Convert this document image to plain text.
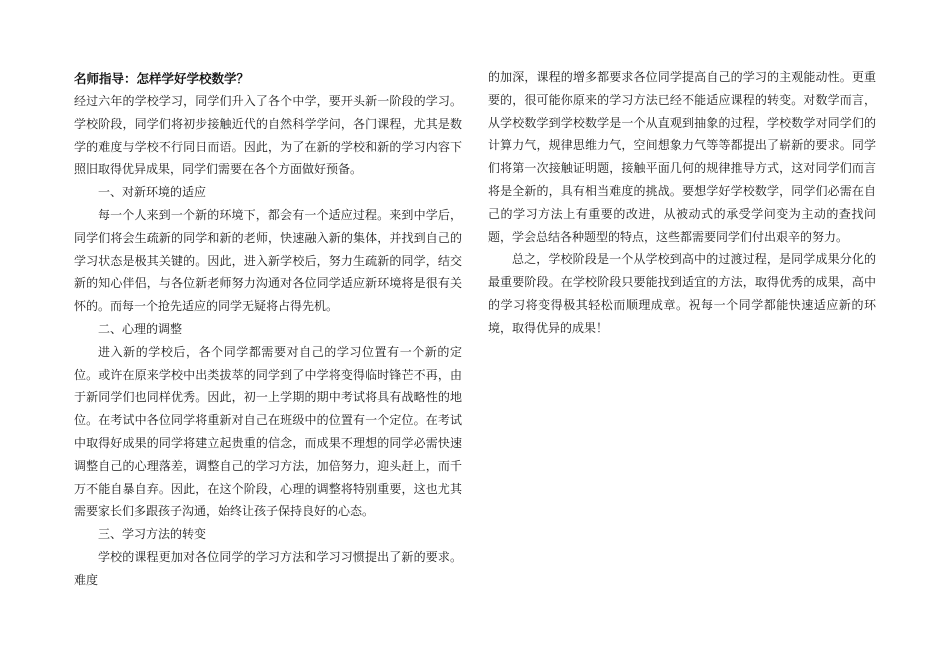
名师指导：怎样学好学校数学？

经过六年的学校学习，同学们升入了各个中学，要开头新一阶段的学习。学校阶段，同学们将初步接触近代的自然科学学问，各门课程，尤其是数学的难度与学校不行同日而语。因此，为了在新的学校和新的学习内容下照旧取得优异成果，同学们需要在各个方面做好预备。

一、对新环境的适应

每一个人来到一个新的环境下，都会有一个适应过程。来到中学后，同学们将会生疏新的同学和新的老师，快速融入新的集体，并找到自己的学习状态是极其关键的。因此，进入新学校后，努力生疏新的同学，结交新的知心伴侣，与各位新老师努力沟通对各位同学适应新环境将是很有关怀的。而每一个抢先适应的同学无疑将占得先机。

二、心理的调整

进入新的学校后，各个同学都需要对自己的学习位置有一个新的定位。或许在原来学校中出类拔萃的同学到了中学将变得临时锋芒不再，由于新同学们也同样优秀。因此，初一上学期的期中考试将具有战略性的地位。在考试中各位同学将重新对自己在班级中的位置有一个定位。在考试中取得好成果的同学将建立起贵重的信念，而成果不理想的同学必需快速调整自己的心理落差，调整自己的学习方法，加倍努力，迎头赶上，而千万不能自暴自弃。因此，在这个阶段，心理的调整将特别重要，这也尤其需要家长们多跟孩子沟通，始终让孩子保持良好的心态。

三、学习方法的转变

学校的课程更加对各位同学的学习方法和学习习惯提出了新的要求。难度

的加深，课程的增多都要求各位同学提高自己的学习的主观能动性。更重要的，很可能你原来的学习方法已经不能适应课程的转变。对数学而言，从学校数学到学校数学是一个从直观到抽象的过程，学校数学对同学们的计算力气，规律思维力气，空间想象力气等等都提出了崭新的要求。同学们将第一次接触证明题，接触平面几何的规律推导方式，这对同学们而言将是全新的，具有相当难度的挑战。要想学好学校数学，同学们必需在自己的学习方法上有重要的改进，从被动式的承受学问变为主动的查找问题，学会总结各种题型的特点，这些都需要同学们付出艰辛的努力。

总之，学校阶段是一个从学校到高中的过渡过程，是同学成果分化的最重要阶段。在学校阶段只要能找到适宜的方法，取得优秀的成果，高中的学习将变得极其轻松而顺理成章。祝每一个同学都能快速适应新的环境，取得优异的成果！
